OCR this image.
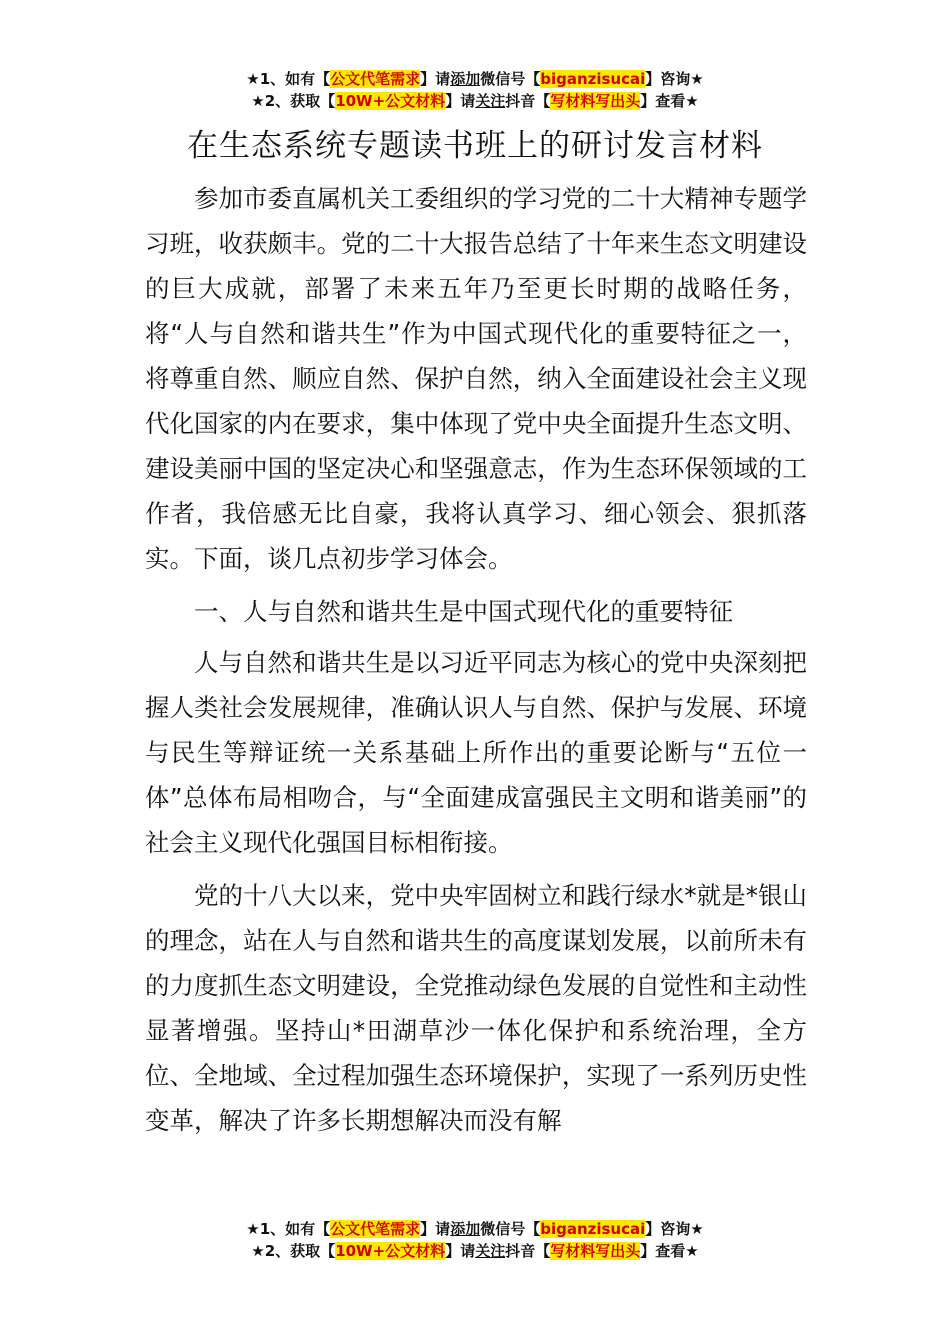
★1、如有【公文代笔需求】请添加微信号【biganzisucai】咨询★
★2、获取【10W+公文材料】请关注抖音【写材料写出头】查看★
在生态系统专题读书班上的研讨发言材料

参加市委直属机关工委组织的学习党的二十大精神专题学习班，收获颇丰。党的二十大报告总结了十年来生态文明建设的巨大成就，部署了未来五年乃至更长时期的战略任务，将“人与自然和谐共生”作为中国式现代化的重要特征之一，将尊重自然、顺应自然、保护自然，纳入全面建设社会主义现代化国家的内在要求，集中体现了党中央全面提升生态文明、建设美丽中国的坚定决心和坚强意志，作为生态环保领域的工作者，我倍感无比自豪，我将认真学习、细心领会、狠抓落实。下面，谈几点初步学习体会。

一、人与自然和谐共生是中国式现代化的重要特征

人与自然和谐共生是以习近平同志为核心的党中央深刻把握人类社会发展规律，准确认识人与自然、保护与发展、环境与民生等辩证统一关系基础上所作出的重要论断与“五位一体”总体布局相吻合，与“全面建成富强民主文明和谐美丽”的社会主义现代化强国目标相衔接。

党的十八大以来，党中央牢固树立和践行绿水*就是*银山的理念，站在人与自然和谐共生的高度谋划发展，以前所未有的力度抓生态文明建设，全党推动绿色发展的自觉性和主动性显著增强。坚持山*田湖草沙一体化保护和系统治理，全方位、全地域、全过程加强生态环境保护，实现了一系列历史性变革，解决了许多长期想解决而没有解

★1、如有【公文代笔需求】请添加微信号【biganzisucai】咨询★
★2、获取【10W+公文材料】请关注抖音【写材料写出头】查看★
